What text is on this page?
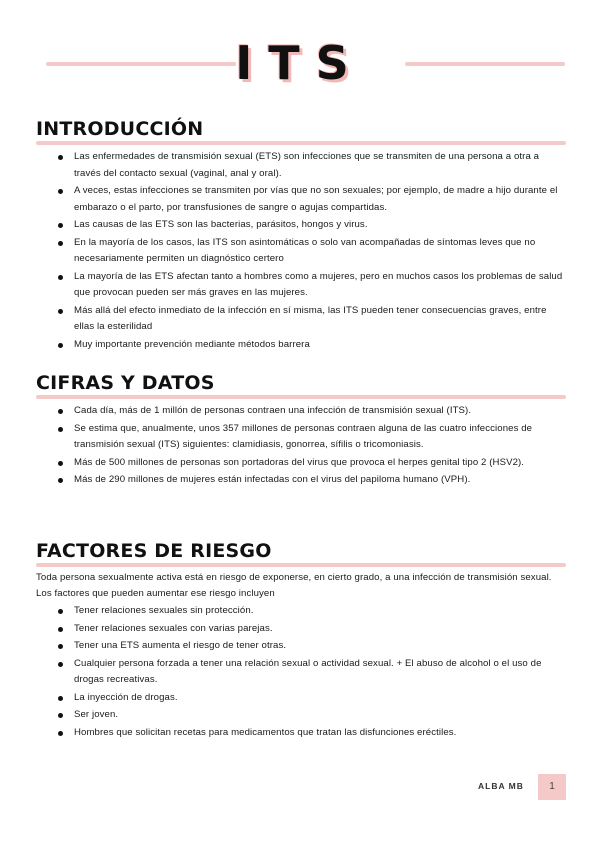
ITS
INTRODUCCIÓN
Las enfermedades de transmisión sexual (ETS) son infecciones que se transmiten de una persona a otra a través del contacto sexual (vaginal, anal y oral).
A veces, estas infecciones se transmiten por vías que no son sexuales; por ejemplo, de madre a hijo durante el embarazo o el parto, por transfusiones de sangre o agujas compartidas.
Las causas de las ETS son las bacterias, parásitos, hongos y virus.
En la mayoría de los casos, las ITS son asintomáticas o solo van acompañadas de síntomas leves que no necesariamente permiten un diagnóstico certero
La mayoría de las ETS afectan tanto a hombres como a mujeres, pero en muchos casos los problemas de salud que provocan pueden ser más graves en las mujeres.
Más allá del efecto inmediato de la infección en sí misma, las ITS pueden tener consecuencias graves, entre ellas la esterilidad
Muy importante prevención mediante métodos barrera
CIFRAS Y DATOS
Cada día, más de 1 millón de personas contraen una infección de transmisión sexual (ITS).
Se estima que, anualmente, unos 357 millones de personas contraen alguna de las cuatro infecciones de transmisión sexual (ITS) siguientes: clamidiasis, gonorrea, sífilis o tricomoniasis.
Más de 500 millones de personas son portadoras del virus que provoca el herpes genital tipo 2 (HSV2).
Más de 290 millones de mujeres están infectadas con el virus del papiloma humano (VPH).
FACTORES DE RIESGO

Toda persona sexualmente activa está en riesgo de exponerse, en cierto grado, a una infección de transmisión sexual. Los factores que pueden aumentar ese riesgo incluyen

Tener relaciones sexuales sin protección.
Tener relaciones sexuales con varias parejas.
Tener una ETS aumenta el riesgo de tener otras.
Cualquier persona forzada a tener una relación sexual o actividad sexual. + El abuso de alcohol o el uso de drogas recreativas.
La inyección de drogas.
Ser joven.
Hombres que solicitan recetas para medicamentos que tratan las disfunciones eréctiles.
ALBA MB	1
